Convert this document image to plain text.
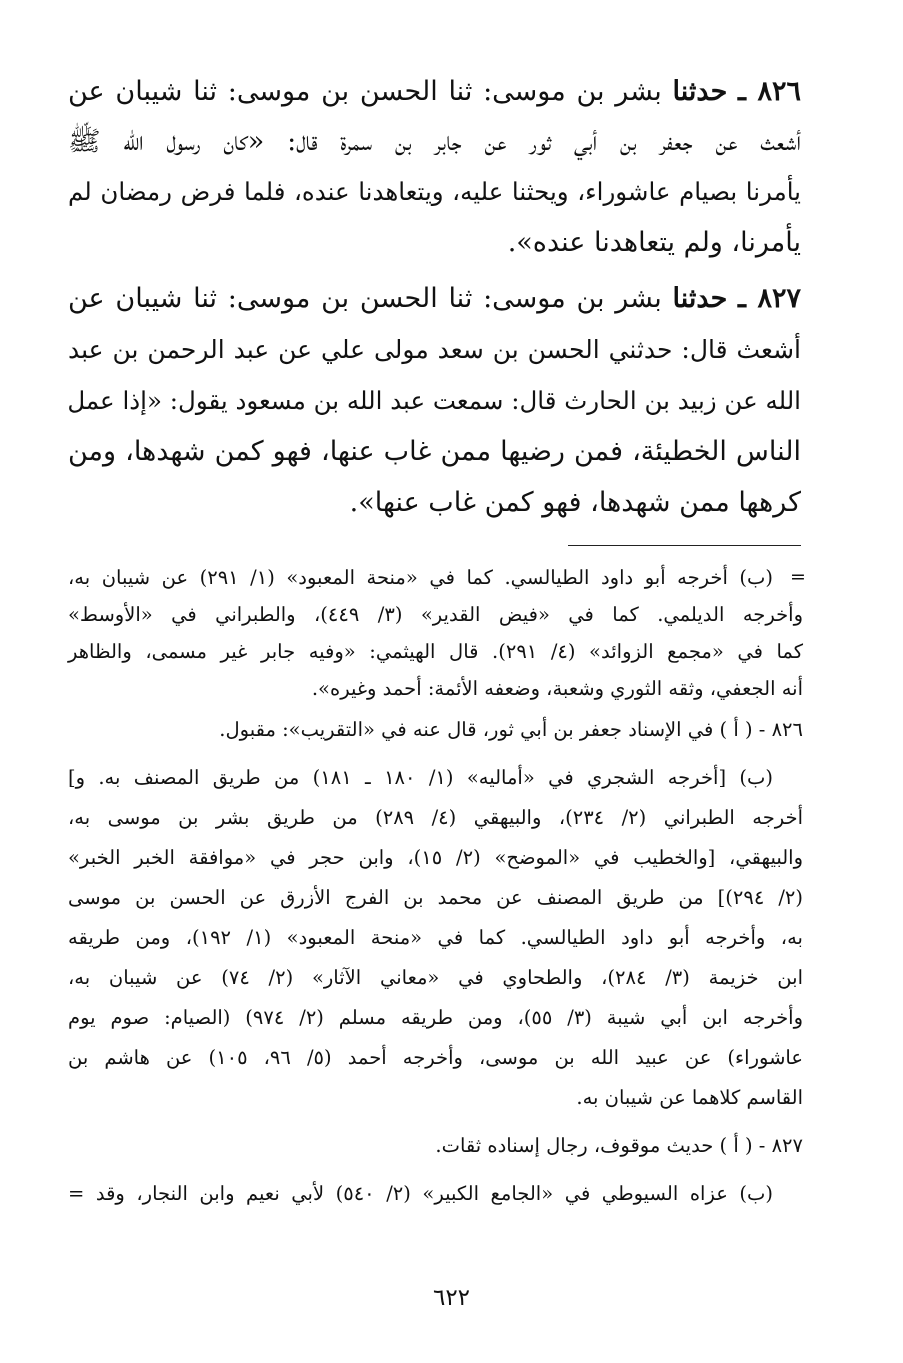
٨٢٦ ـ حدثنا بشر بن موسى: ثنا الحسن بن موسى: ثنا شيبان عن
أشعث عن جعفر بن أبي ثور عن جابر بن سمرة قال: «كان رسول الله ﷺ
يأمرنا بصيام عاشوراء، ويحثنا عليه، ويتعاهدنا عنده، فلما فرض رمضان لم
يأمرنا، ولم يتعاهدنا عنده».
٨٢٧ ـ حدثنا بشر بن موسى: ثنا الحسن بن موسى: ثنا شيبان عن
أشعث قال: حدثني الحسن بن سعد مولى علي عن عبد الرحمن بن عبد
الله عن زبيد بن الحارث قال: سمعت عبد الله بن مسعود يقول: «إذا عمل
الناس الخطيئة، فمن رضيها ممن غاب عنها، فهو كمن شهدها، ومن
كرهها ممن شهدها، فهو كمن غاب عنها».
=
(ب) أخرجه أبو داود الطيالسي. كما في «منحة المعبود» (١/ ٢٩١) عن شيبان به،
وأخرجه الديلمي. كما في «فيض القدير» (٣/ ٤٤٩)، والطبراني في «الأوسط»
كما في «مجمع الزوائد» (٤/ ٢٩١). قال الهيثمي: «وفيه جابر غير مسمى، والظاهر
أنه الجعفي، وثقه الثوري وشعبة، وضعفه الأئمة: أحمد وغيره».
٨٢٦ - ( أ ) في الإسناد جعفر بن أبي ثور، قال عنه في «التقريب»: مقبول.
(ب) [أخرجه الشجري في «أماليه» (١/ ١٨٠ ـ ١٨١) من طريق المصنف به. و]
أخرجه الطبراني (٢/ ٢٣٤)، والبيهقي (٤/ ٢٨٩) من طريق بشر بن موسى به،
والبيهقي، [والخطيب في «الموضح» (٢/ ١٥)، وابن حجر في «موافقة الخبر الخبر»
(٢/ ٢٩٤)] من طريق المصنف عن محمد بن الفرج الأزرق عن الحسن بن موسى
به، وأخرجه أبو داود الطيالسي. كما في «منحة المعبود» (١/ ١٩٢)، ومن طريقه
ابن خزيمة (٣/ ٢٨٤)، والطحاوي في «معاني الآثار» (٢/ ٧٤) عن شيبان به،
وأخرجه ابن أبي شيبة (٣/ ٥٥)، ومن طريقه مسلم (٢/ ٩٧٤) (الصيام: صوم يوم
عاشوراء) عن عبيد الله بن موسى، وأخرجه أحمد (٥/ ٩٦، ١٠٥) عن هاشم بن
القاسم كلاهما عن شيبان به.
٨٢٧ - ( أ ) حديث موقوف، رجال إسناده ثقات.
(ب) عزاه السيوطي في «الجامع الكبير» (٢/ ٥٤٠) لأبي نعيم وابن النجار، وقد =
٦٢٢
